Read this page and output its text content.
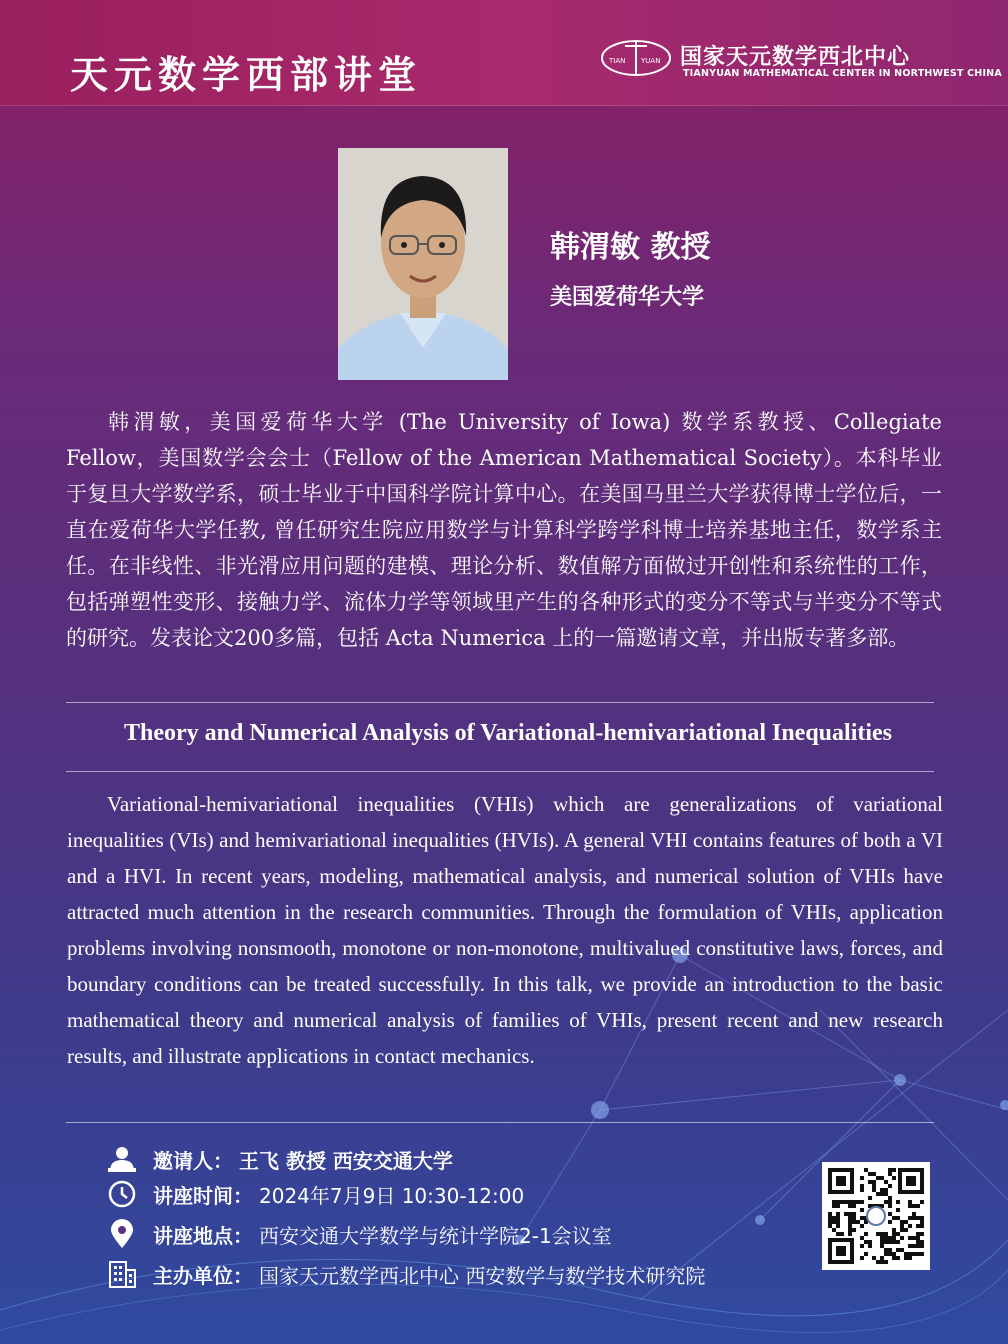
天元数学西部讲堂	TIAN YUAN 国家天元数学西北中心
TIANYUAN MATHEMATICAL CENTER IN NORTHWEST CHINA
韩渭敏 教授
美国爱荷华大学
韩渭敏，美国爱荷华大学 (The University of Iowa) 数学系教授、Collegiate Fellow，美国数学会会士（Fellow of the American Mathematical Society）。本科毕业于复旦大学数学系，硕士毕业于中国科学院计算中心。在美国马里兰大学获得博士学位后，一直在爱荷华大学任教, 曾任研究生院应用数学与计算科学跨学科博士培养基地主任，数学系主任。在非线性、非光滑应用问题的建模、理论分析、数值解方面做过开创性和系统性的工作，包括弹塑性变形、接触力学、流体力学等领域里产生的各种形式的变分不等式与半变分不等式的研究。发表论文200多篇，包括 Acta Numerica 上的一篇邀请文章，并出版专著多部。
Theory and Numerical Analysis of Variational-hemivariational Inequalities
Variational-hemivariational inequalities (VHIs) which are generalizations of variational inequalities (VIs) and hemivariational inequalities (HVIs). A general VHI contains features of both a VI and a HVI. In recent years, modeling, mathematical analysis, and numerical solution of VHIs have attracted much attention in the research communities. Through the formulation of VHIs, application problems involving nonsmooth, monotone or non-monotone, multivalued constitutive laws, forces, and boundary conditions can be treated successfully. In this talk, we provide an introduction to the basic mathematical theory and numerical analysis of families of VHIs, present recent and new research results, and illustrate applications in contact mechanics.
邀请人： 王飞 教授 西安交通大学
讲座时间： 2024年7月9日 10:30-12:00
讲座地点： 西安交通大学数学与统计学院2-1会议室
主办单位： 国家天元数学西北中心 西安数学与数学技术研究院
